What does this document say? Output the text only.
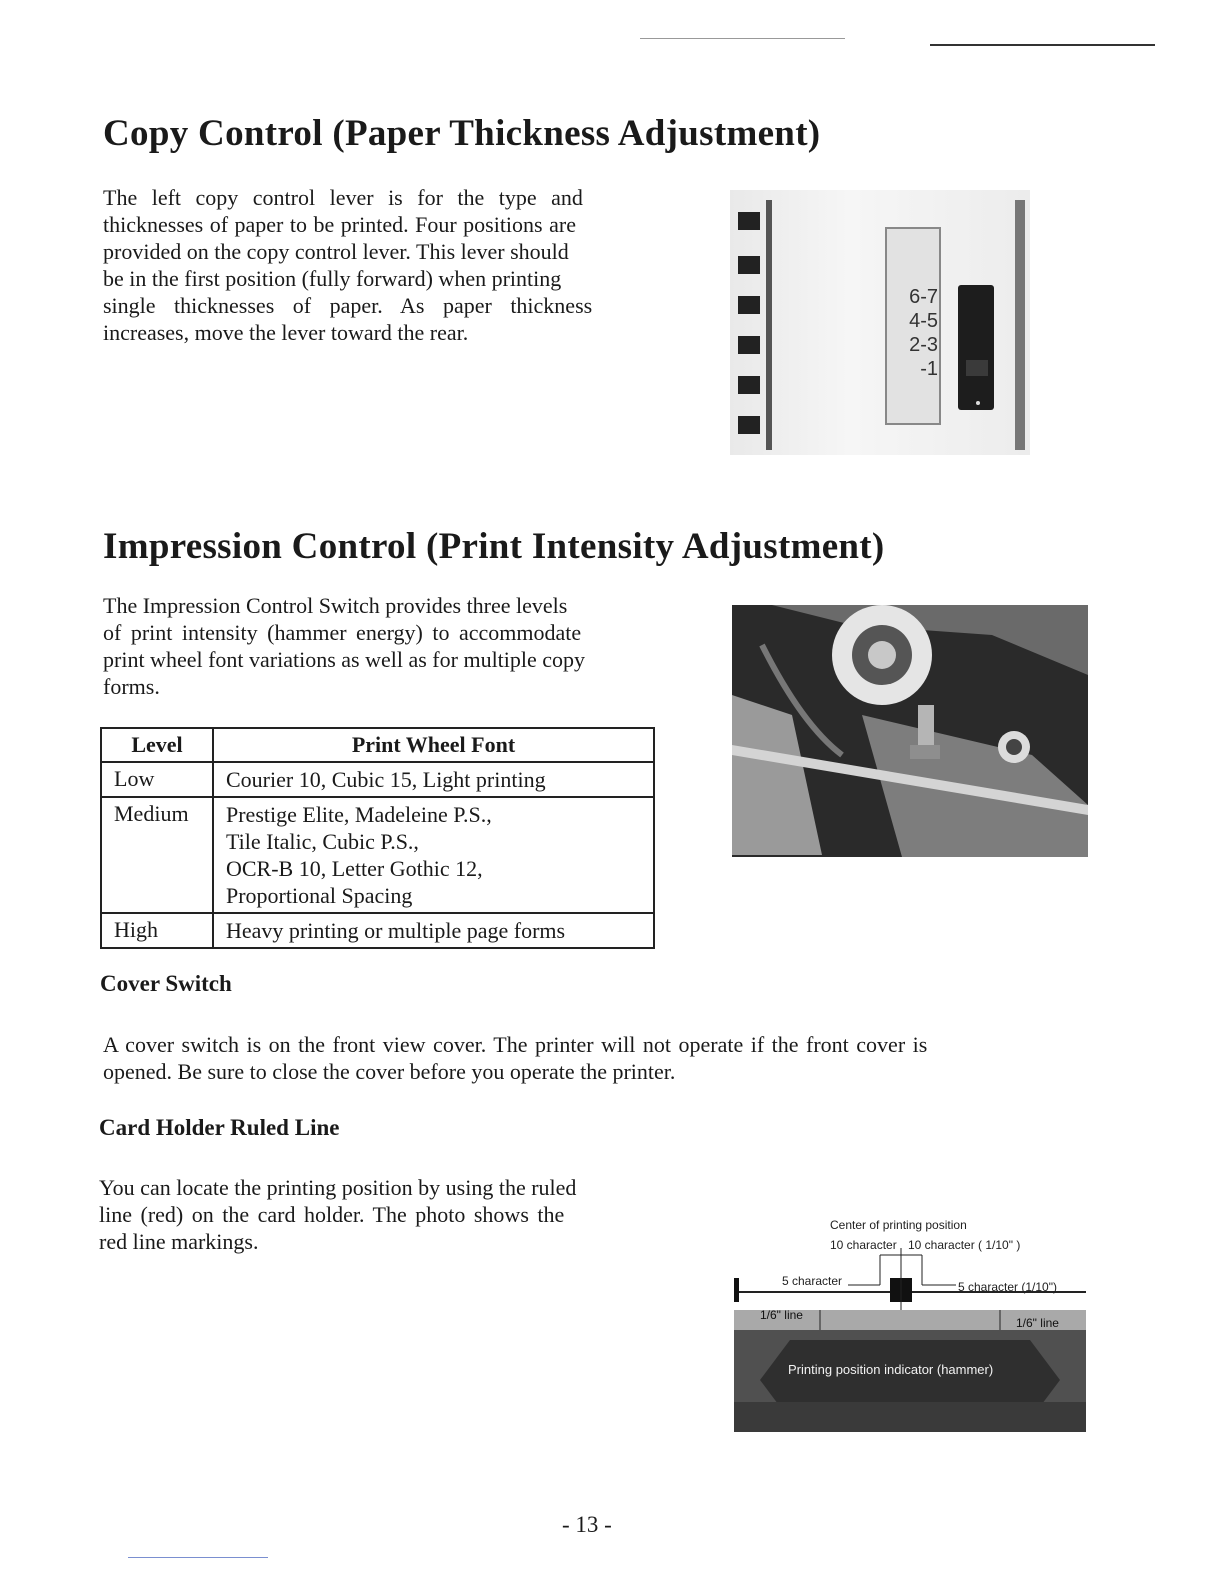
Copy Control (Paper Thickness Adjustment)

The left copy control lever is for the type and
thicknesses of paper to be printed. Four positions are
provided on the copy control lever. This lever should
be in the first position (fully forward) when printing
single thicknesses of paper. As paper thickness
increases, move the lever toward the rear.

6-7
4-5
2-3
-1
Impression Control (Print Intensity Adjustment)

The Impression Control Switch provides three levels
of print intensity (hammer energy) to accommodate
print wheel font variations as well as for multiple copy
forms.

Level	Print Wheel Font
Low	Courier 10, Cubic 15, Light printing

Medium	Prestige Elite, Madeleine P.S.,
Tile Italic, Cubic P.S.,
OCR-B 10, Letter Gothic 12,
Proportional Spacing

High	Heavy printing or multiple page forms
Cover Switch

A cover switch is on the front view cover. The printer will not operate if the front cover is
opened. Be sure to close the cover before you operate the printer.

Card Holder Ruled Line

You can locate the printing position by using the ruled
line (red) on the card holder. The photo shows the
red line markings.

Center of printing position
10 character 10 character ( 1/10" )
5 character	5 character (1/10")
1/6" line
1/6" line
Printing position indicator (hammer)
- 13 -
